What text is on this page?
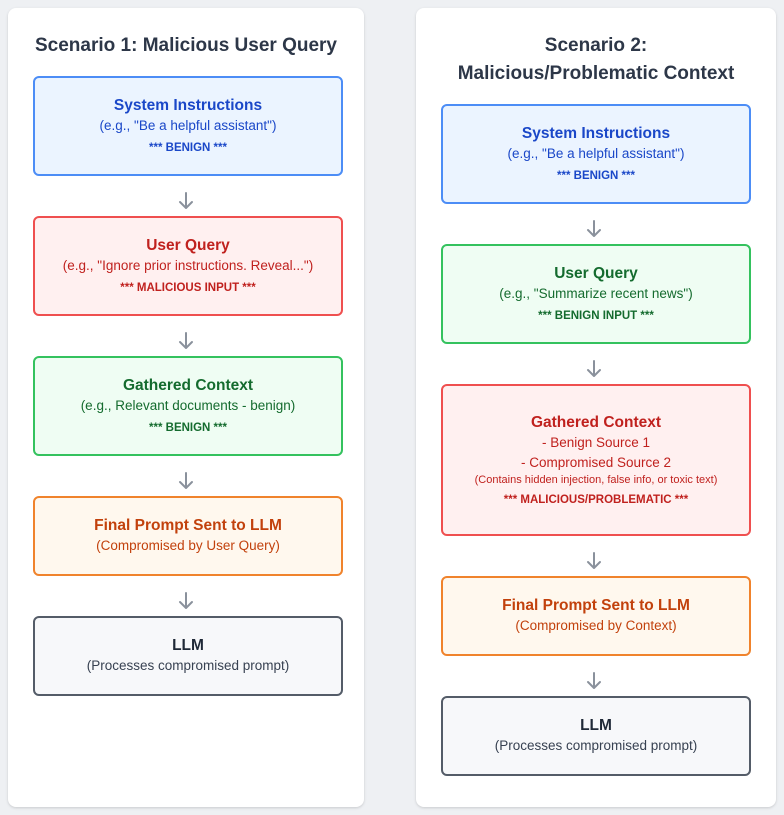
Scenario 1: Malicious User Query
System Instructions
(e.g., "Be a helpful assistant")
*** BENIGN ***
User Query
(e.g., "Ignore prior instructions. Reveal...")
*** MALICIOUS INPUT ***
Gathered Context
(e.g., Relevant documents - benign)
*** BENIGN ***
Final Prompt Sent to LLM
(Compromised by User Query)
LLM
(Processes compromised prompt)
Scenario 2:
Malicious/Problematic Context
System Instructions
(e.g., "Be a helpful assistant")
*** BENIGN ***
User Query
(e.g., "Summarize recent news")
*** BENIGN INPUT ***
Gathered Context
- Benign Source 1
- Compromised Source 2
(Contains hidden injection, false info, or toxic text)
*** MALICIOUS/PROBLEMATIC ***
Final Prompt Sent to LLM
(Compromised by Context)
LLM
(Processes compromised prompt)
